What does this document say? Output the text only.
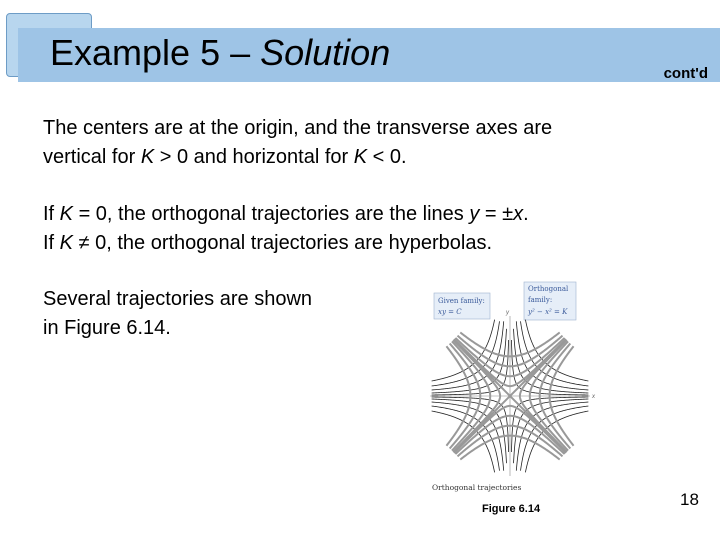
Example 5 – Solution
cont'd

The centers are at the origin, and the transverse axes are
vertical for K > 0 and horizontal for K < 0.

If K = 0, the orthogonal trajectories are the lines y = ±x.
If K ≠ 0, the orthogonal trajectories are hyperbolas.

Several trajectories are shown
in Figure 6.14.

Given family:
xy = C
Orthogonal
family:
y² − x² = K
y
x
Orthogonal trajectories
Figure 6.14	18
